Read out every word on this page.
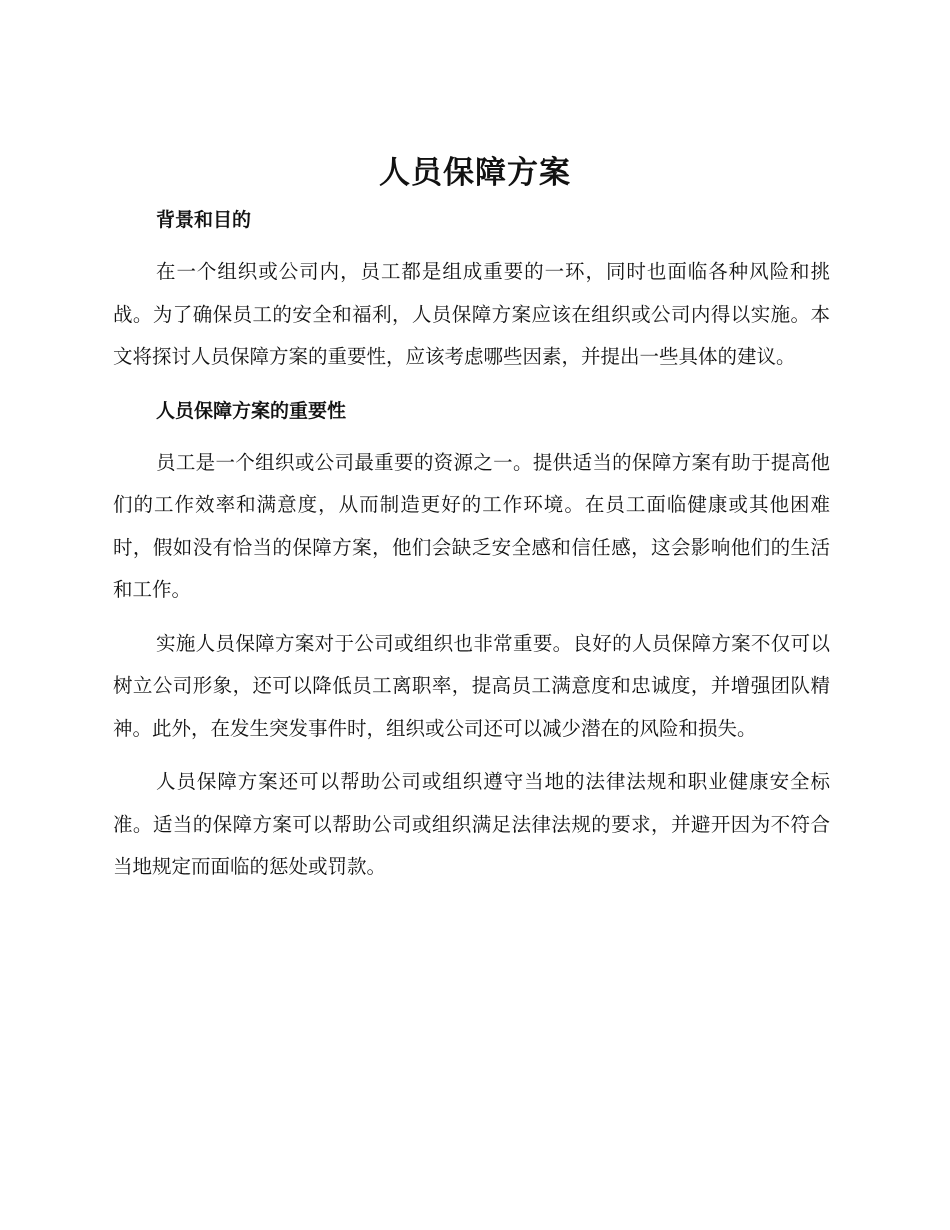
人员保障方案
背景和目的

在一个组织或公司内，员工都是组成重要的一环，同时也面临各种风险和挑战。为了确保员工的安全和福利，人员保障方案应该在组织或公司内得以实施。本文将探讨人员保障方案的重要性，应该考虑哪些因素，并提出一些具体的建议。

人员保障方案的重要性

员工是一个组织或公司最重要的资源之一。提供适当的保障方案有助于提高他们的工作效率和满意度，从而制造更好的工作环境。在员工面临健康或其他困难时，假如没有恰当的保障方案，他们会缺乏安全感和信任感，这会影响他们的生活和工作。

实施人员保障方案对于公司或组织也非常重要。良好的人员保障方案不仅可以树立公司形象，还可以降低员工离职率，提高员工满意度和忠诚度，并增强团队精神。此外，在发生突发事件时，组织或公司还可以减少潜在的风险和损失。

人员保障方案还可以帮助公司或组织遵守当地的法律法规和职业健康安全标准。适当的保障方案可以帮助公司或组织满足法律法规的要求，并避开因为不符合当地规定而面临的惩处或罚款。
